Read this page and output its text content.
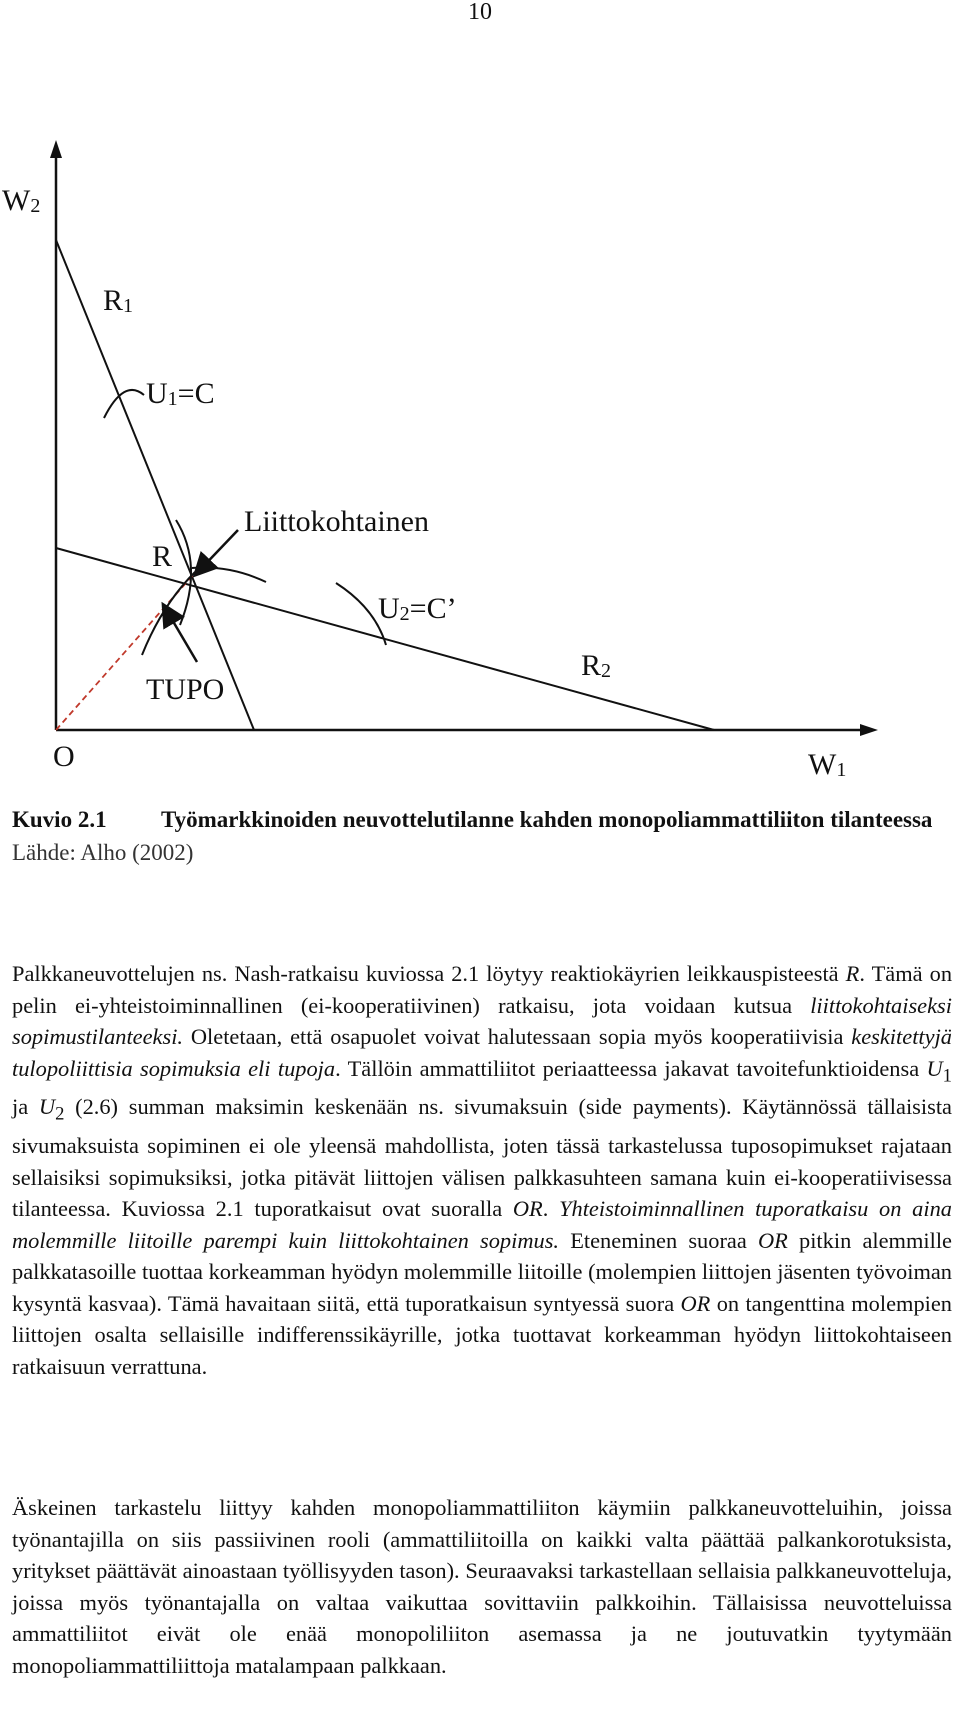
10
W2
R1
U1=C
Liittokohtainen
R
U2=C’
R2
TUPO
O	W1
Kuvio 2.1	Työmarkkinoiden neuvottelutilanne kahden monopoliammattiliiton tilanteessa
Lähde: Alho (2002)
Palkkaneuvottelujen ns. Nash-ratkaisu kuviossa 2.1 löytyy reaktiokäyrien leikkauspisteestä R. Tämä on pelin ei-yhteistoiminnallinen (ei-kooperatiivinen) ratkaisu, jota voidaan kutsua liittokohtaiseksi sopimustilanteeksi. Oletetaan, että osapuolet voivat halutessaan sopia myös kooperatiivisia keskitettyjä tulopoliittisia sopimuksia eli tupoja. Tällöin ammattiliitot periaatteessa jakavat tavoitefunktioidensa $U_1$ ja $U_2$ (2.6) summan maksimin keskenään ns. sivumaksuin (side payments). Käytännössä tällaisista sivumaksuista sopiminen ei ole yleensä mahdollista, joten tässä tarkastelussa tuposopimukset rajataan sellaisiksi sopimuksiksi, jotka pitävät liittojen välisen palkkasuhteen samana kuin ei-kooperatiivisessa tilanteessa. Kuviossa 2.1 tuporatkaisut ovat suoralla OR. Yhteistoiminnallinen tuporatkaisu on aina molemmille liitoille parempi kuin liittokohtainen sopimus. Eteneminen suoraa OR pitkin alemmille palkkatasoille tuottaa korkeamman hyödyn molemmille liitoille (molempien liittojen jäsenten työvoiman kysyntä kasvaa). Tämä havaitaan siitä, että tuporatkaisun syntyessä suora OR on tangenttina molempien liittojen osalta sellaisille indifferenssikäyrille, jotka tuottavat korkeamman hyödyn liittokohtaiseen ratkaisuun verrattuna.
Äskeinen tarkastelu liittyy kahden monopoliammattiliiton käymiin palkkaneuvotteluihin, joissa työnantajilla on siis passiivinen rooli (ammattiliitoilla on kaikki valta päättää palkankorotuksista, yritykset päättävät ainoastaan työllisyyden tason). Seuraavaksi tarkastellaan sellaisia palkkaneuvotteluja, joissa myös työnantajalla on valtaa vaikuttaa sovittaviin palkkoihin. Tällaisissa neuvotteluissa ammattiliitot eivät ole enää monopoliliiton asemassa ja ne joutuvatkin tyytymään monopoliammattiliittoja matalampaan palkkaan.
